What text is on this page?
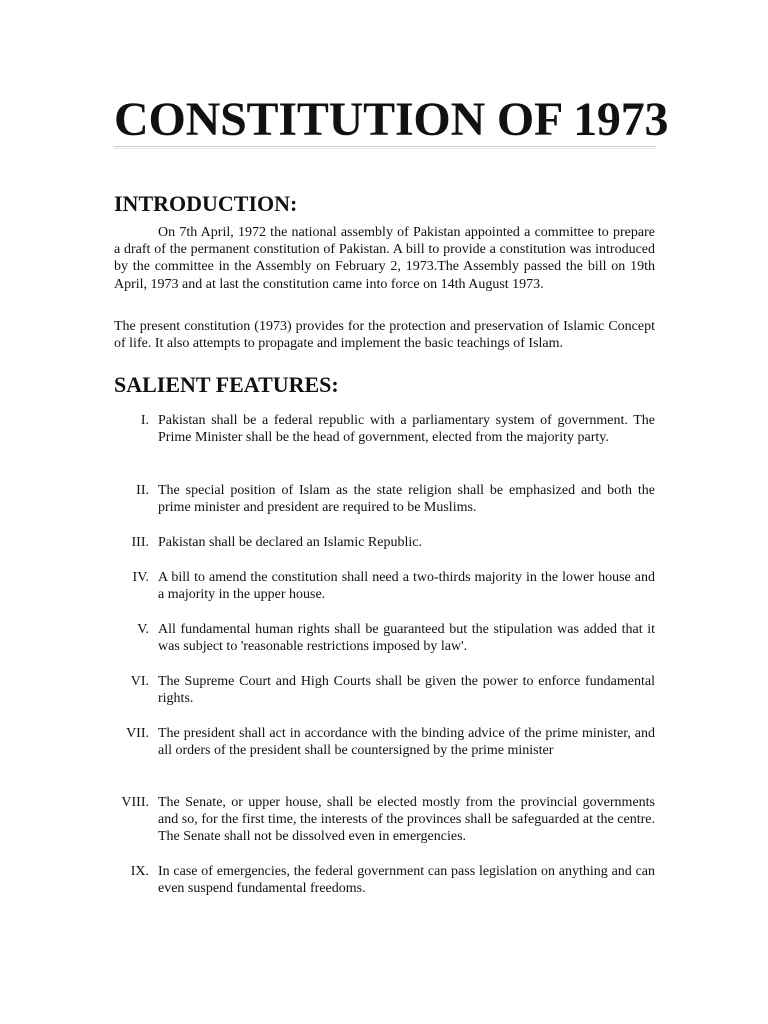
CONSTITUTION OF 1973
INTRODUCTION:

On 7th April, 1972 the national assembly of Pakistan appointed a committee to prepare a draft of the permanent constitution of Pakistan. A bill to provide a constitution was introduced by the committee in the Assembly on February 2, 1973.The Assembly passed the bill on 19th April, 1973 and at last the constitution came into force on 14th August 1973.

The present constitution (1973) provides for the protection and preservation of Islamic Concept of life. It also attempts to propagate and implement the basic teachings of Islam.

SALIENT FEATURES:
I. Pakistan shall be a federal republic with a parliamentary system of government. The Prime Minister shall be the head of government, elected from the majority party.
II. The special position of Islam as the state religion shall be emphasized and both the prime minister and president are required to be Muslims.
III. Pakistan shall be declared an Islamic Republic.
IV. A bill to amend the constitution shall need a two-thirds majority in the lower house and a majority in the upper house.
V. All fundamental human rights shall be guaranteed but the stipulation was added that it was subject to 'reasonable restrictions imposed by law'.
VI. The Supreme Court and High Courts shall be given the power to enforce fundamental rights.
VII. The president shall act in accordance with the binding advice of the prime minister, and all orders of the president shall be countersigned by the prime minister
VIII. The Senate, or upper house, shall be elected mostly from the provincial governments and so, for the first time, the interests of the provinces shall be safeguarded at the centre. The Senate shall not be dissolved even in emergencies.
IX. In case of emergencies, the federal government can pass legislation on anything and can even suspend fundamental freedoms.
